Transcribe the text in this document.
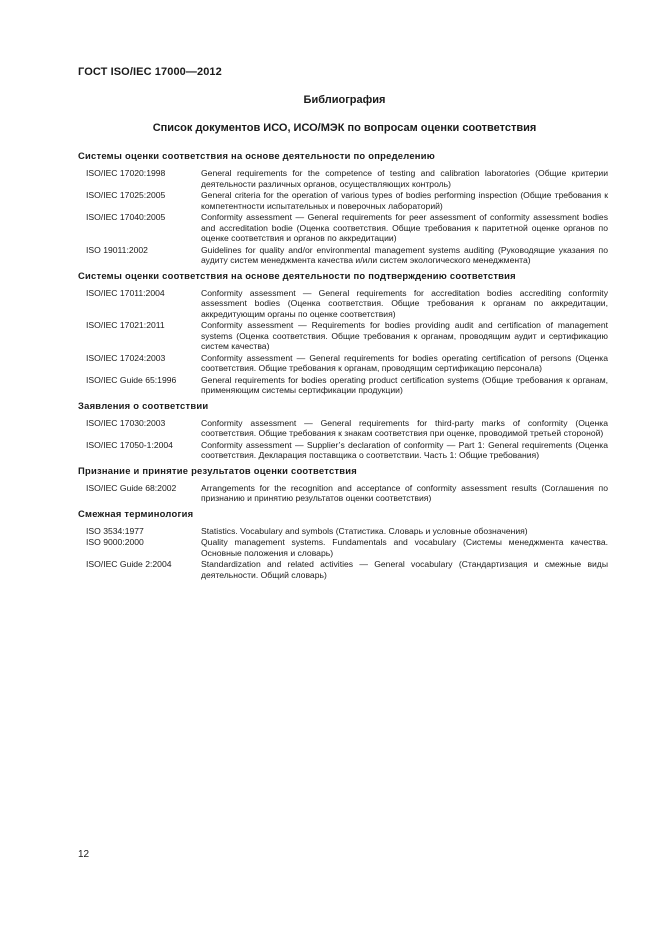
ГОСТ ISO/IEC 17000—2012
Библиография
Список документов ИСО, ИСО/МЭК по вопросам оценки соответствия
Системы оценки соответствия на основе деятельности по определению
ISO/IEC 17020:1998	General requirements for the competence of testing and calibration laboratories (Общие критерии деятельности различных органов, осуществляющих контроль)
ISO/IEC 17025:2005	General criteria for the operation of various types of bodies performing inspection (Общие требования к компетентности испытательных и поверочных лабораторий)
ISO/IEC 17040:2005	Conformity assessment — General requirements for peer assessment of conformity assessment bodies and accreditation bodie (Оценка соответствия. Общие требования к паритетной оценке органов по оценке соответствия и органов по аккредитации)
ISO 19011:2002	Guidelines for quality and/or environmental management systems auditing (Руководящие указания по аудиту систем менеджмента качества и/или систем экологического менеджмента)
Системы оценки соответствия на основе деятельности по подтверждению соответствия
ISO/IEC 17011:2004	Conformity assessment — General requirements for accreditation bodies accrediting conformity assessment bodies (Оценка соответствия. Общие требования к органам по аккредитации, аккредитующим органы по оценке соответствия)
ISO/IEC 17021:2011	Conformity assessment — Requirements for bodies providing audit and certification of management systems (Оценка соответствия. Общие требования к органам, проводящим аудит и сертификацию систем качества)
ISO/IEC 17024:2003	Conformity assessment — General requirements for bodies operating certification of persons (Оценка соответствия. Общие требования к органам, проводящим сертификацию персонала)
ISO/IEC Guide 65:1996	General requirements for bodies operating product certification systems (Общие требования к органам, применяющим системы сертификации продукции)
Заявления о соответствии
ISO/IEC 17030:2003	Conformity assessment — General requirements for third-party marks of conformity (Оценка соответствия. Общие требования к знакам соответствия при оценке, проводимой третьей стороной)
ISO/IEC 17050-1:2004	Conformity assessment — Supplier’s declaration of conformity — Part 1: General requirements (Оценка соответствия. Декларация поставщика о соответствии. Часть 1: Общие требования)
Признание и принятие результатов оценки соответствия
ISO/IEC Guide 68:2002	Arrangements for the recognition and acceptance of conformity assessment results (Соглашения по признанию и принятию результатов оценки соответствия)
Смежная терминология
ISO 3534:1977	Statistics. Vocabulary and symbols (Статистика. Словарь и условные обозначения)
ISO 9000:2000	Quality management systems. Fundamentals and vocabulary (Системы менеджмента качества. Основные положения и словарь)
ISO/IEC Guide 2:2004	Standardization and related activities — General vocabulary (Стандартизация и смежные виды деятельности. Общий словарь)
12
